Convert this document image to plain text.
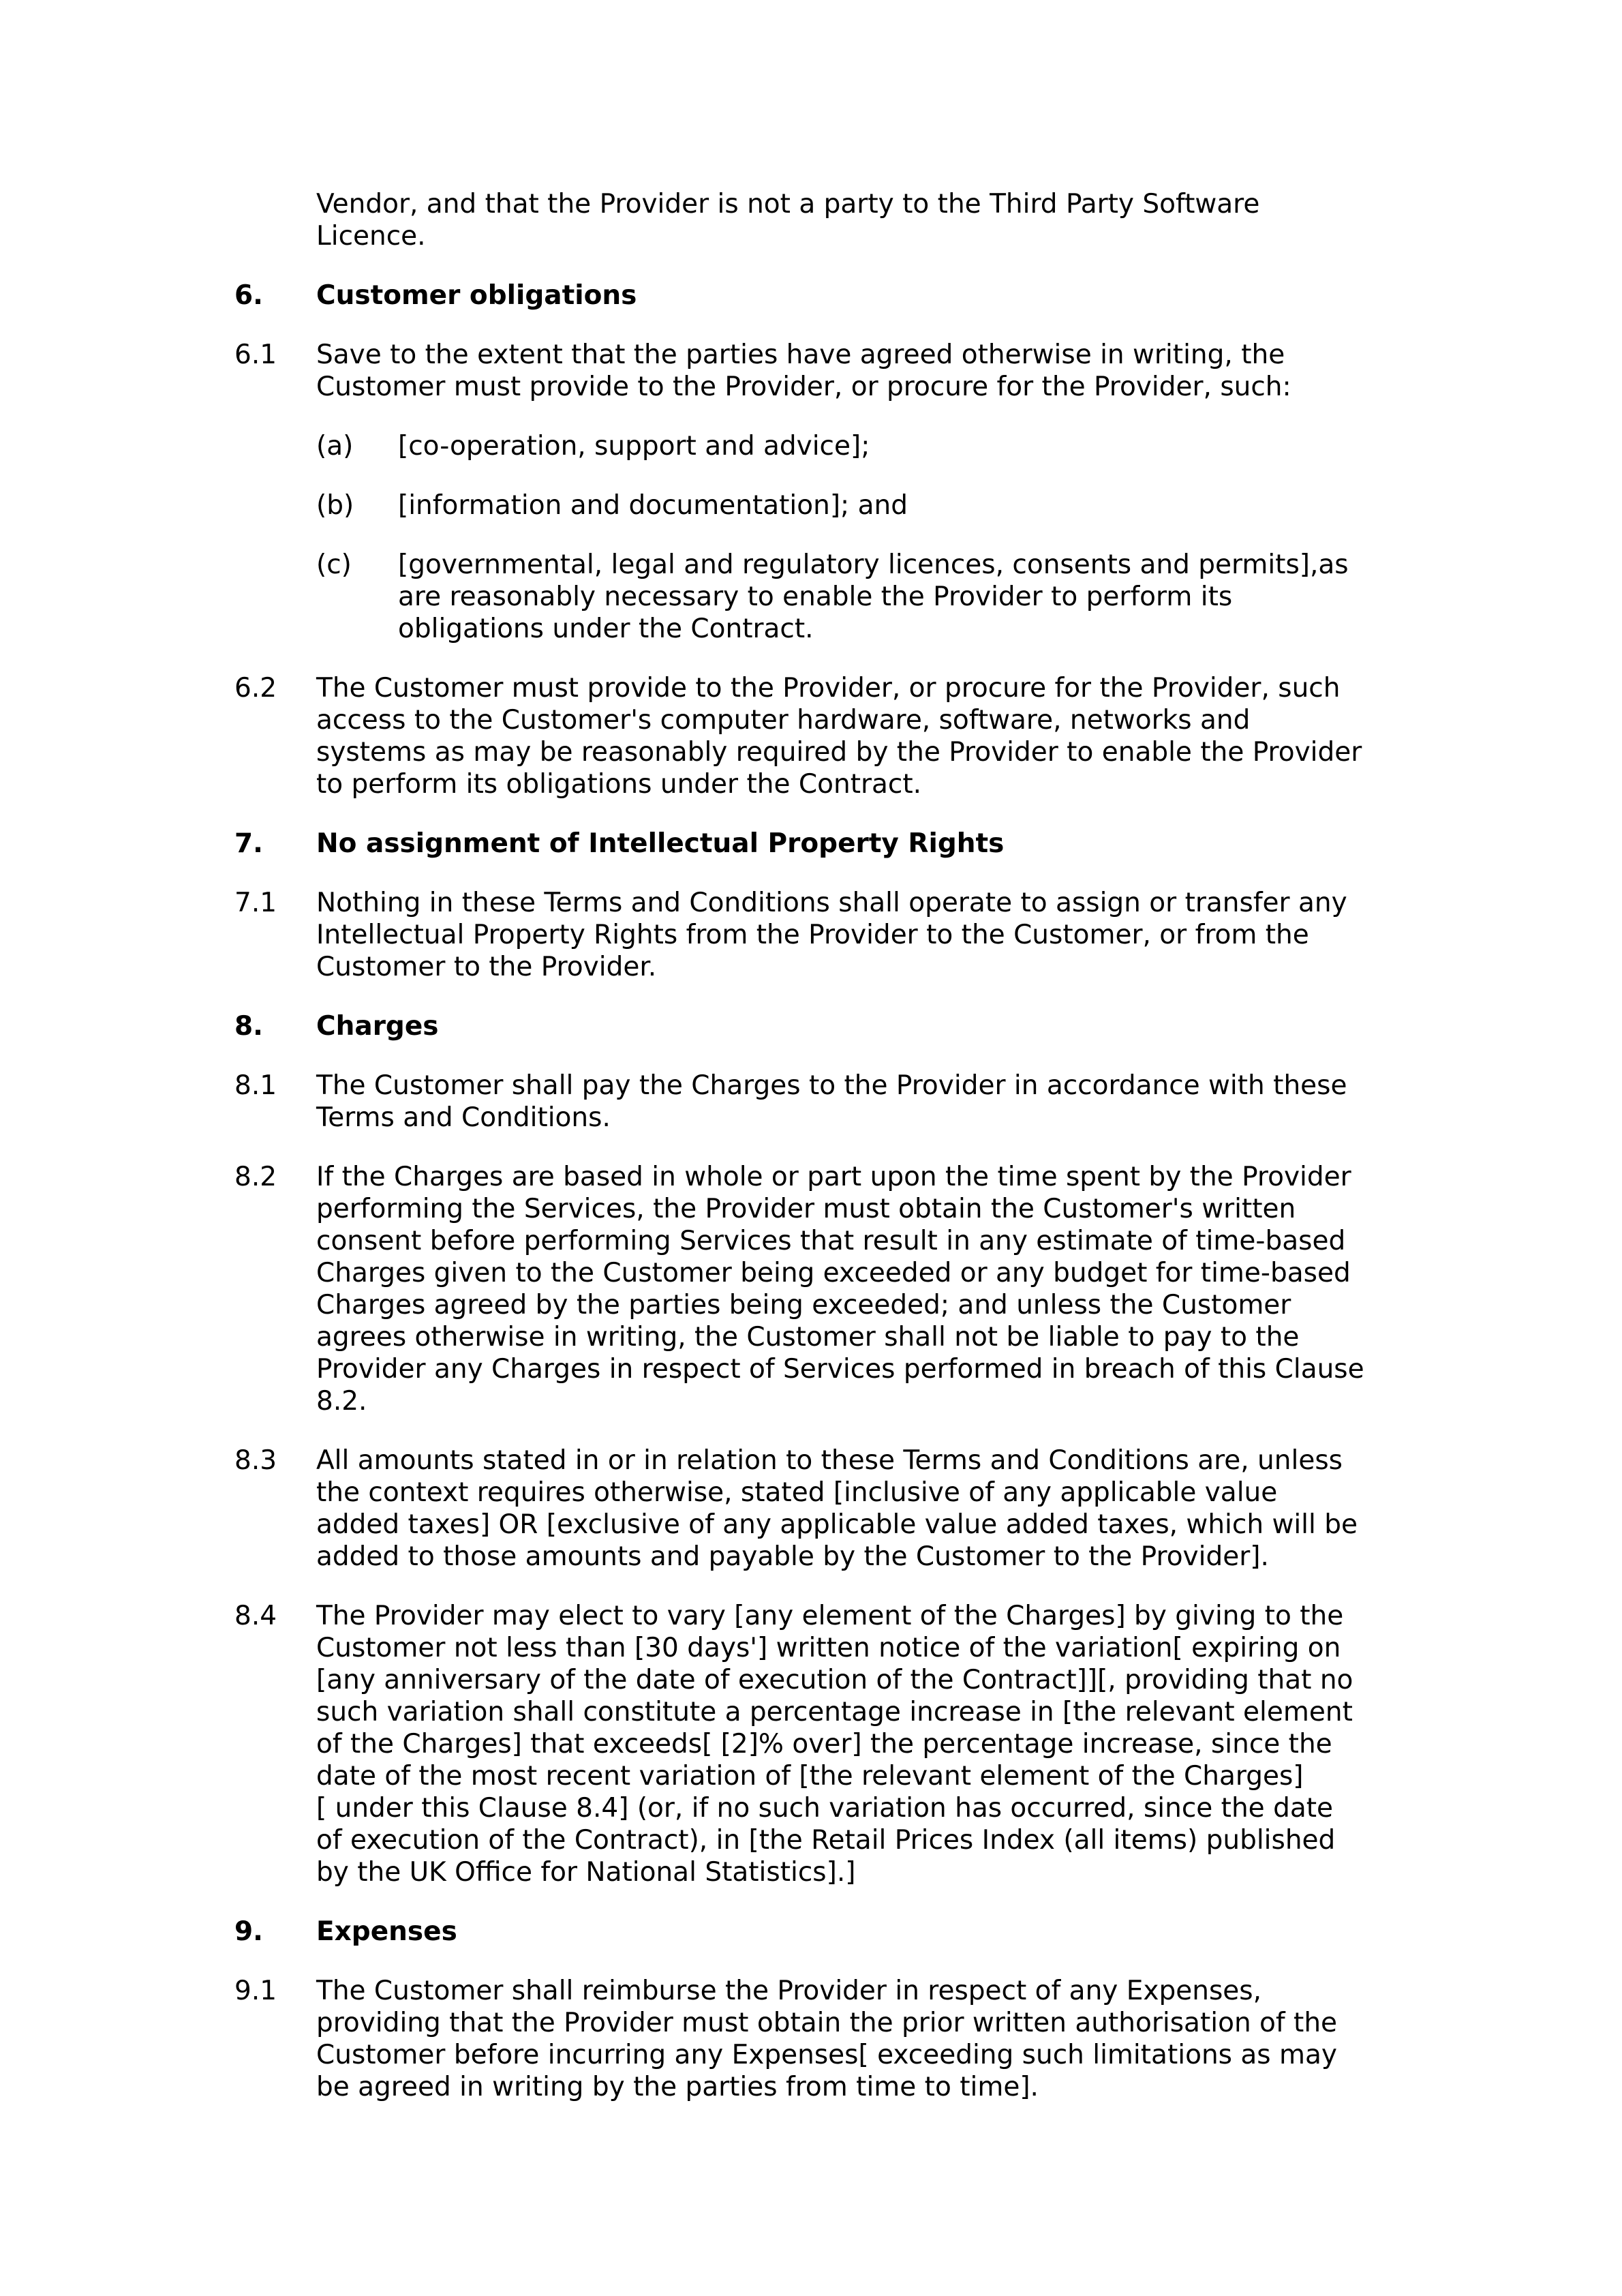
Vendor, and that the Provider is not a party to the Third Party Software
Licence.

6.	Customer obligations
6.1	Save to the extent that the parties have agreed otherwise in writing, the
Customer must provide to the Provider, or procure for the Provider, such:
(a)	[co-operation, support and advice];
(b)	[information and documentation]; and
(c)	[governmental, legal and regulatory licences, consents and permits],as
are reasonably necessary to enable the Provider to perform its
obligations under the Contract.
6.2	The Customer must provide to the Provider, or procure for the Provider, such
access to the Customer's computer hardware, software, networks and
systems as may be reasonably required by the Provider to enable the Provider
to perform its obligations under the Contract.
7.	No assignment of Intellectual Property Rights
7.1	Nothing in these Terms and Conditions shall operate to assign or transfer any
Intellectual Property Rights from the Provider to the Customer, or from the
Customer to the Provider.
8.	Charges
8.1	The Customer shall pay the Charges to the Provider in accordance with these
Terms and Conditions.
8.2	If the Charges are based in whole or part upon the time spent by the Provider
performing the Services, the Provider must obtain the Customer's written
consent before performing Services that result in any estimate of time-based
Charges given to the Customer being exceeded or any budget for time-based
Charges agreed by the parties being exceeded; and unless the Customer
agrees otherwise in writing, the Customer shall not be liable to pay to the
Provider any Charges in respect of Services performed in breach of this Clause
8.2.
8.3	All amounts stated in or in relation to these Terms and Conditions are, unless
the context requires otherwise, stated [inclusive of any applicable value
added taxes] OR [exclusive of any applicable value added taxes, which will be
added to those amounts and payable by the Customer to the Provider].
8.4	The Provider may elect to vary [any element of the Charges] by giving to the
Customer not less than [30 days'] written notice of the variation[ expiring on
[any anniversary of the date of execution of the Contract]][, providing that no
such variation shall constitute a percentage increase in [the relevant element
of the Charges] that exceeds[ [2]% over] the percentage increase, since the
date of the most recent variation of [the relevant element of the Charges]
[ under this Clause 8.4] (or, if no such variation has occurred, since the date
of execution of the Contract), in [the Retail Prices Index (all items) published
by the UK Office for National Statistics].]
9.	Expenses
9.1	The Customer shall reimburse the Provider in respect of any Expenses,
providing that the Provider must obtain the prior written authorisation of the
Customer before incurring any Expenses[ exceeding such limitations as may
be agreed in writing by the parties from time to time].
